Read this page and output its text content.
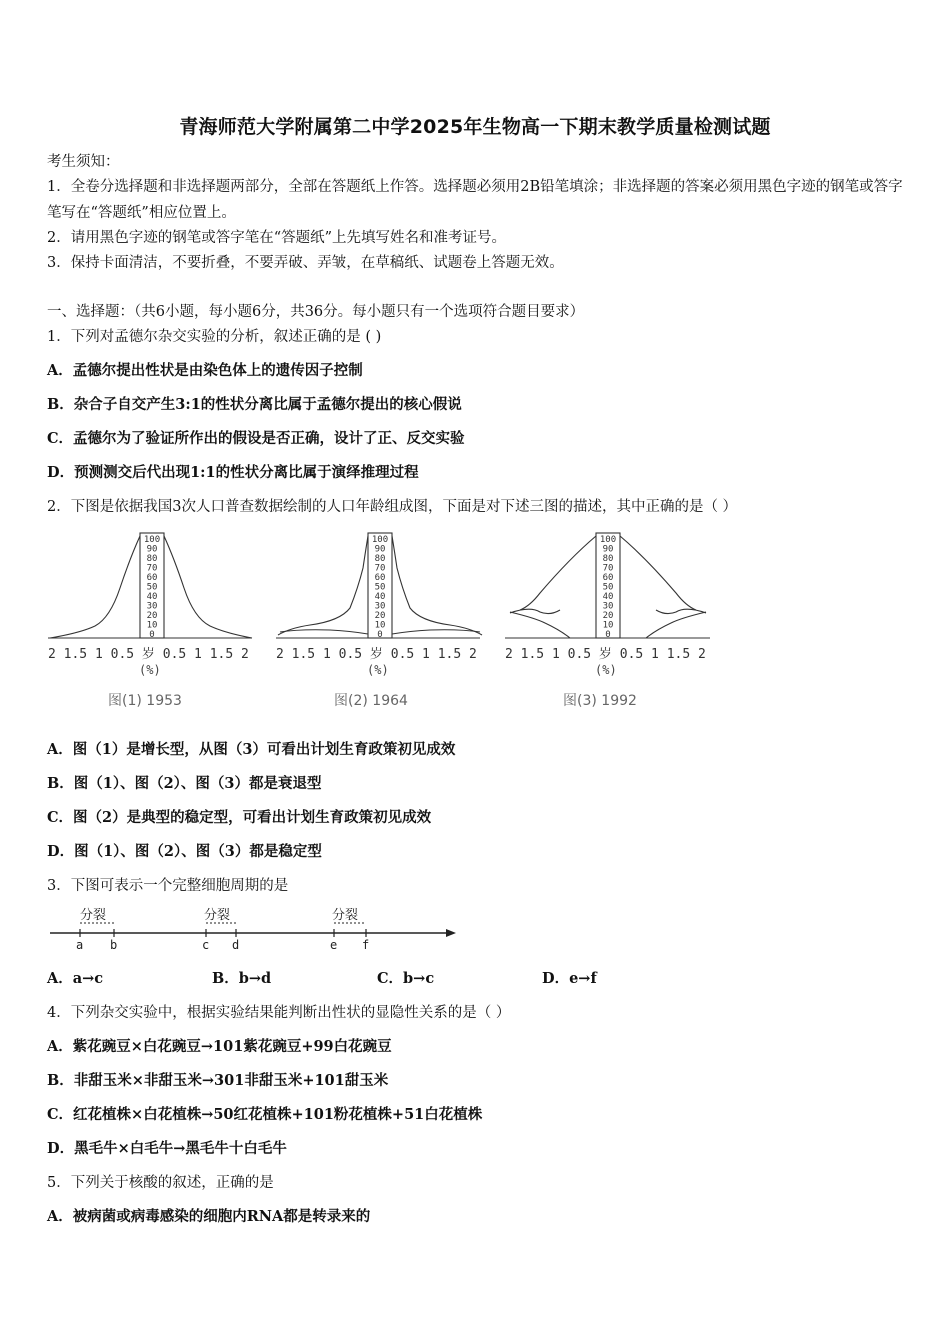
青海师范大学附属第二中学2025年生物高一下期末教学质量检测试题
考生须知：
1．全卷分选择题和非选择题两部分，全部在答题纸上作答。选择题必须用2B铅笔填涂；非选择题的答案必须用黑色字迹的钢笔或答字笔写在“答题纸”相应位置上。
2．请用黑色字迹的钢笔或答字笔在“答题纸”上先填写姓名和准考证号。
3．保持卡面清洁，不要折叠，不要弄破、弄皱，在草稿纸、试题卷上答题无效。
一、选择题：（共6小题，每小题6分，共36分。每小题只有一个选项符合题目要求）
1．下列对孟德尔杂交实验的分析，叙述正确的是 ( )
A．孟德尔提出性状是由染色体上的遗传因子控制
B．杂合子自交产生3:1的性状分离比属于孟德尔提出的核心假说
C．孟德尔为了验证所作出的假设是否正确，设计了正、反交实验
D．预测测交后代出现1:1的性状分离比属于演绎推理过程
2．下图是依据我国3次人口普查数据绘制的人口年龄组成图，下面是对下述三图的描述，其中正确的是（ ）
100
90
80
70
60
50
40
30
20
10
0
100
90
80
70
60
50
40
30
20
10
0
100
90
80
70
60
50
40
30
20
10
0
2 1.5 1 0.5 岁 0.5 1 1.5 2 2 1.5 1 0.5 岁 0.5 1 1.5 2 2 1.5 1 0.5 岁 0.5 1 1.5 2
(%)	(%)	(%)
图(1) 1953	图(2) 1964	图(3) 1992
A．图（1）是增长型，从图（3）可看出计划生育政策初见成效
B．图（1）、图（2）、图（3）都是衰退型
C．图（2）是典型的稳定型，可看出计划生育政策初见成效
D．图（1）、图（2）、图（3）都是稳定型
3．下图可表示一个完整细胞周期的是
分裂	分裂	分裂
a b	c d	e f
A．a→c	B．b→d	C．b→c	D．e→f
4．下列杂交实验中，根据实验结果能判断出性状的显隐性关系的是（ ）
A．紫花豌豆×白花豌豆→101紫花豌豆+99白花豌豆
B．非甜玉米×非甜玉米→301非甜玉米+101甜玉米
C．红花植株×白花植株→50红花植株+101粉花植株+51白花植株
D．黑毛牛×白毛牛→黑毛牛十白毛牛
5．下列关于核酸的叙述，正确的是
A．被病菌或病毒感染的细胞内RNA都是转录来的
